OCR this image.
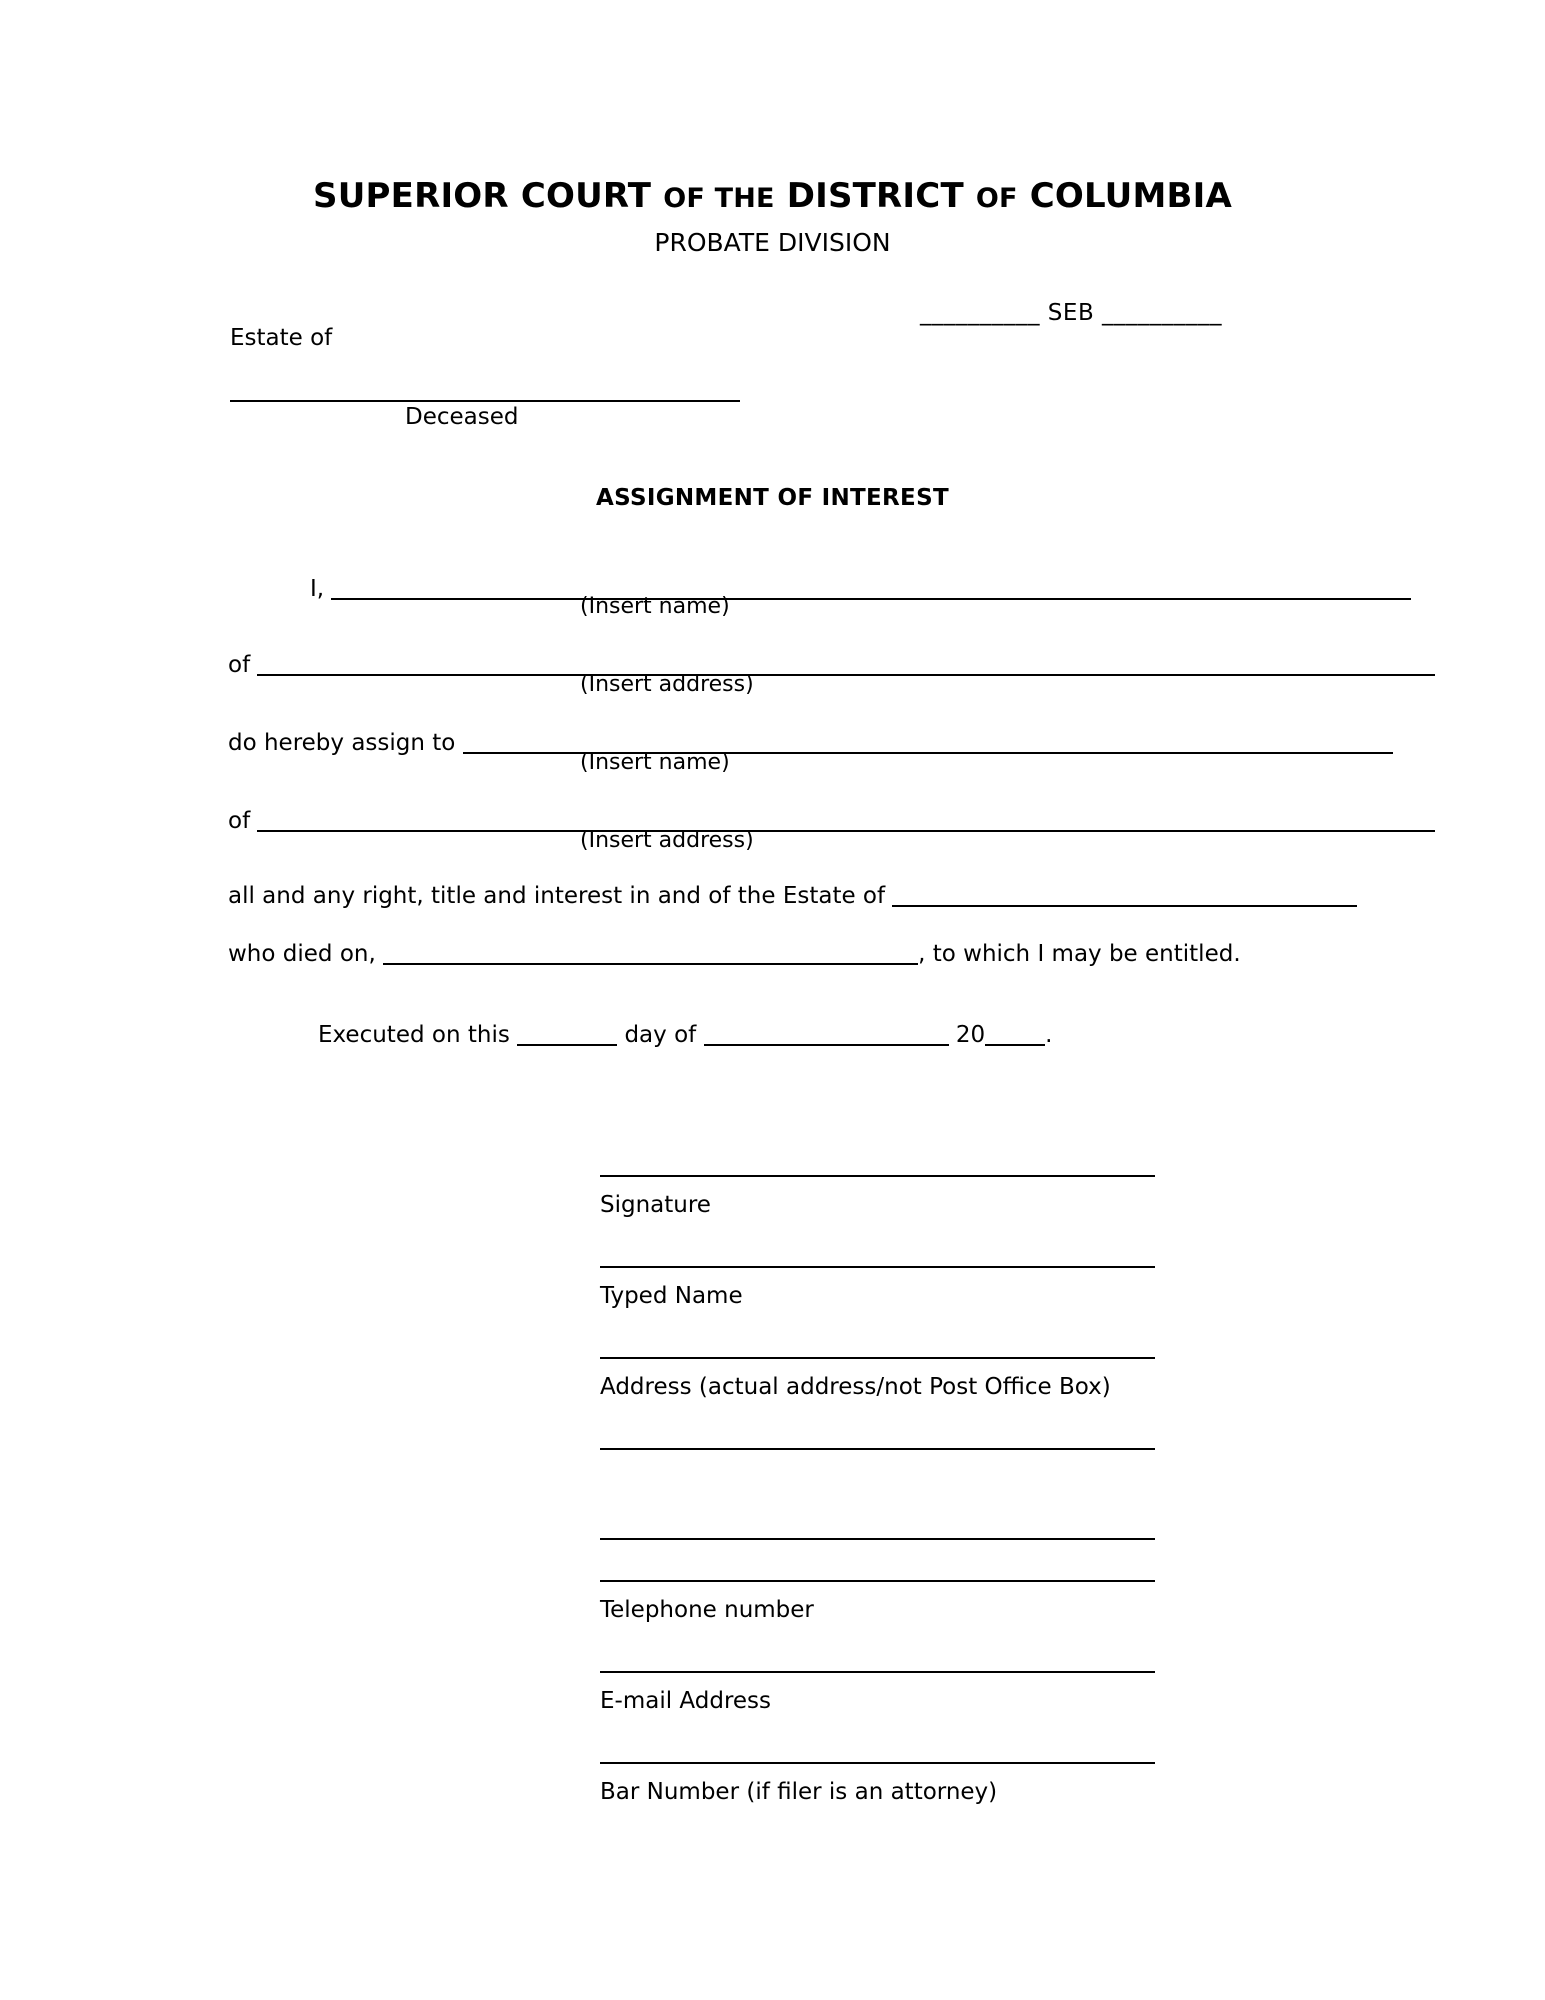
SUPERIOR COURT OF THE DISTRICT OF COLUMBIA
PROBATE DIVISION
__________ SEB __________
Estate of
Deceased
ASSIGNMENT OF INTEREST
I,
(Insert name)
of
(Insert address)
do hereby assign to
(Insert name)
of
(Insert address)
all and any right, title and interest in and of the Estate of
who died on,	, to which I may be entitled.
Executed on this	day of	20	.
Signature
Typed Name
Address (actual address/not Post Office Box)
Telephone number
E-mail Address
Bar Number (if filer is an attorney)
